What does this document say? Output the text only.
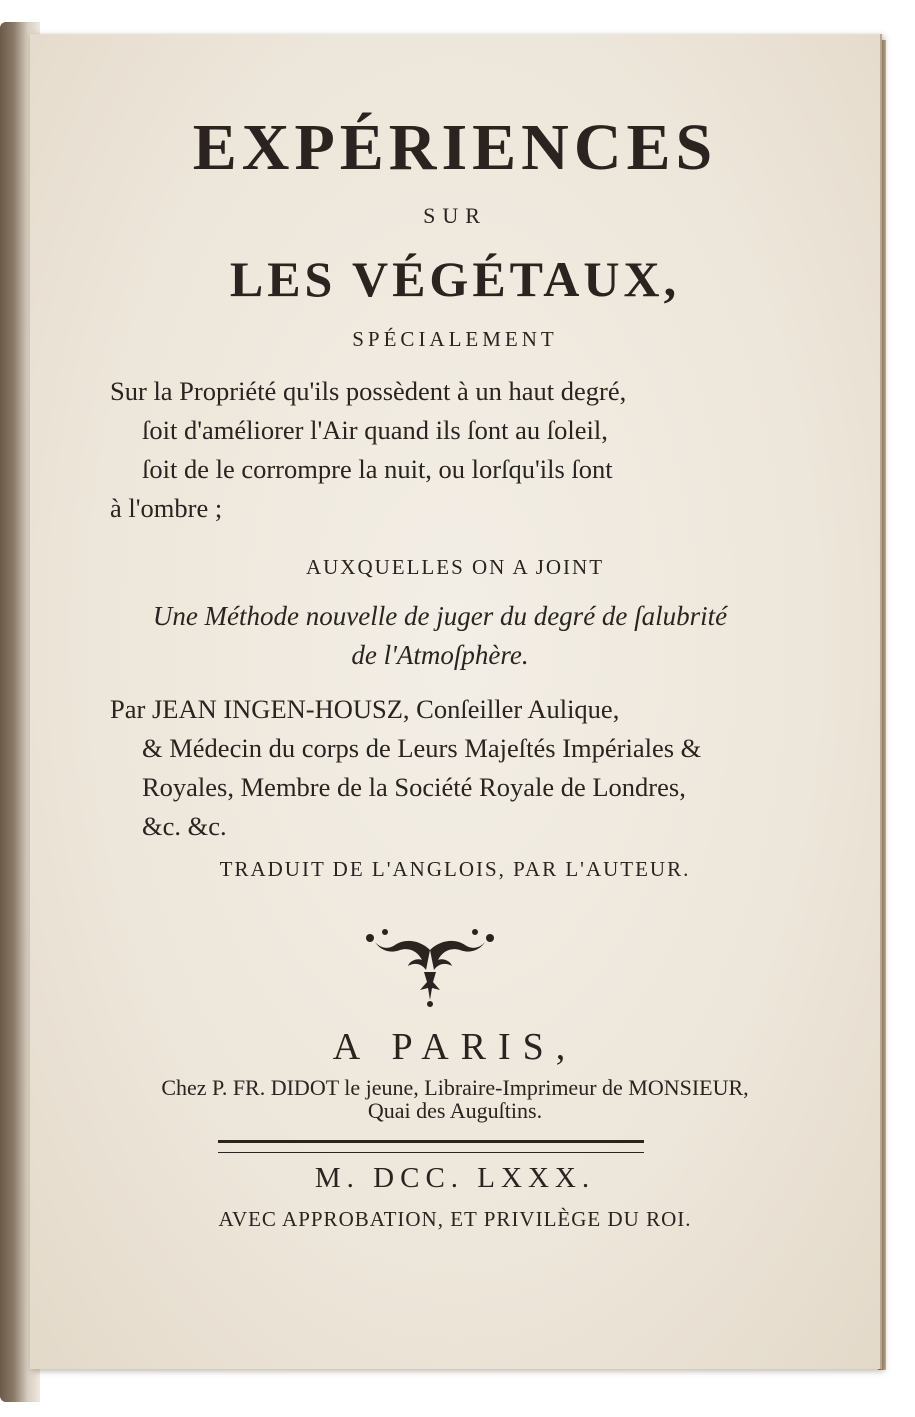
EXPÉRIENCES

SUR

LES VÉGÉTAUX,

SPÉCIALEMENT

Sur la Propriété qu'ils possèdent à un haut degré,
ſoit d'améliorer l'Air quand ils ſont au ſoleil,
ſoit de le corrompre la nuit, ou lorſqu'ils ſont
à l'ombre ;

AUXQUELLES ON A JOINT

Une Méthode nouvelle de juger du degré de ſalubrité
de l'Atmoſphère.

Par JEAN INGEN-HOUSZ, Conſeiller Aulique,
& Médecin du corps de Leurs Majeſtés Impériales &
Royales, Membre de la Société Royale de Londres,
&c. &c.

TRADUIT DE L'ANGLOIS, PAR L'AUTEUR.

A PARIS,

Chez P. FR. DIDOT le jeune, Libraire-Imprimeur de MONSIEUR,

Quai des Auguſtins.

M. DCC. LXXX.

AVEC APPROBATION, ET PRIVILÈGE DU ROI.
